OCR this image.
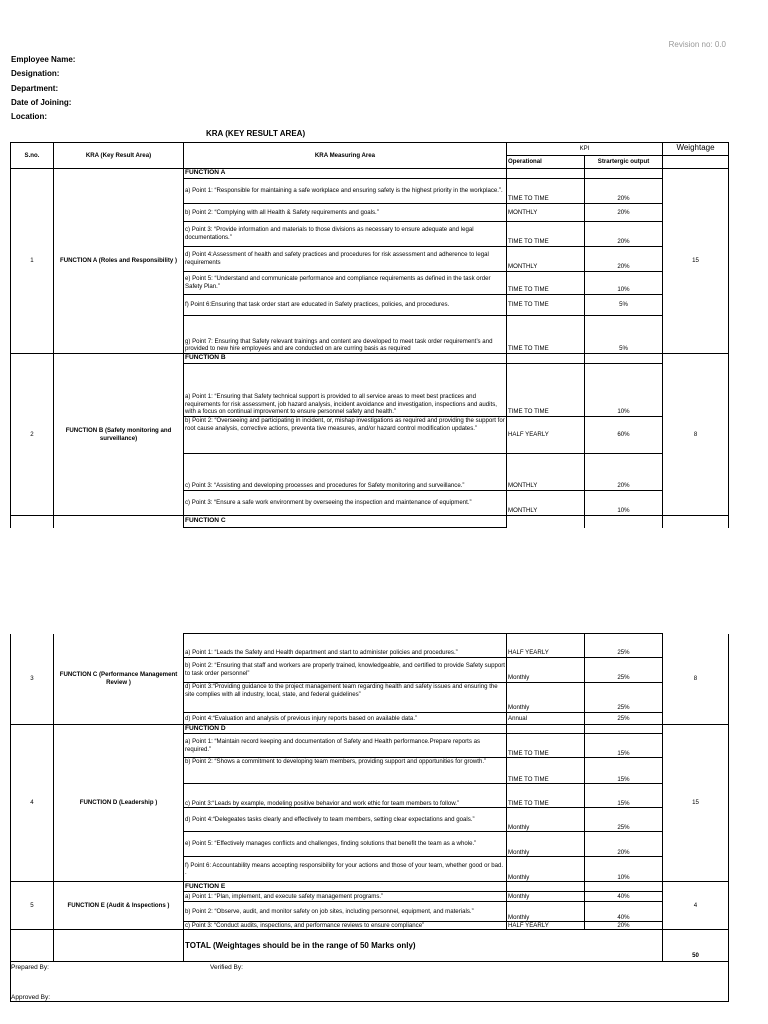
Revision no: 0.0
Employee Name:
Designation:
Department:
Date of Joining:
Location:
KRA (KEY RESULT AREA)
S.no.	KRA (Key Result Area)	KRA Measuring Area	KPI		Weightage
			Operational	Strartergic output	
1	FUNCTION A (Roles and Responsibility )	FUNCTION A			15
		a) Point 1: “Responsible for maintaining a safe workplace and ensuring safety is the highest priority in the workplace.”.	TIME TO TIME	20%	
		b) Point 2: “Complying with all Health & Safety requirements and goals.”	MONTHLY	20%	
		c) Point 3: “Provide information and materials to those divisions as necessary to ensure adequate and legal documentations.”	TIME TO TIME	20%	
		d) Point 4:Assessment of health and safety practices and procedures for risk assessment and adherence to legal requirements	MONTHLY	20%	
		e) Point 5: “Understand and communicate performance and compliance requirements as defined in the task order Safety Plan.”	TIME TO TIME	10%	
		f) Point 6:Ensuring that task order start are educated in Safety practices, policies, and procedures.	TIME TO TIME	5%	
		g) Point 7: Ensuring that Safety relevant trainings and content are developed to meet task order requirement’s and provided to new hire employees and are conducted on are curring basis as required	TIME TO TIME	5%	
2	FUNCTION B (Safety monitoring and surveillance)	FUNCTION B			8
		a) Point 1: “Ensuring that Safety technical support is provided to all service areas to meet best practices and requirements for risk assessment, job hazard analysis, incident avoidance and investigation, inspections and audits, with a focus on continual improvement to ensure personnel safety and health.”	TIME TO TIME	10%	
		b) Point 2: “Overseeing and participating in incident, or, mishap investigations as required and providing the support for root cause analysis, corrective actions, preventa tive measures, and/or hazard control modification updates.”	HALF YEARLY	60%	
		c) Point 3: “Assisting and developing processes and procedures for Safety monitoring and surveillance.”	MONTHLY	20%	
		c) Point 3: “Ensure a safe work environment by overseeing the inspection and maintenance of equipment.”	MONTHLY	10%	
		FUNCTION C			
3	FUNCTION C (Performance Management Review )	a) Point 1: “Leads the Safety and Health department and start to administer policies and procedures.”	HALF YEARLY	25%	8
		b) Point 2: “Ensuring that staff and workers are properly trained, knowledgeable, and certified to provide Safety support to task order personnel”	Monthly	25%	
		d) Point 3:“Providing guidance to the project management team regarding health and safety issues and ensuring the site complies with all industry, local, state, and federal guidelines”	Monthly	25%	
		d) Point 4:“Evaluation and analysis of previous injury reports based on available data.”	Annual	25%	
4	FUNCTION D (Leadership )	FUNCTION D			15
		a) Point 1: “Maintain record keeping and documentation of Safety and Health performance.Prepare reports as required.”	TIME TO TIME	15%	
		b) Point 2: “Shows a commitment to developing team members, providing support and opportunities for growth.”	TIME TO TIME	15%	
		c) Point 3:“Leads by example, modeling positive behavior and work ethic for team members to follow.”	TIME TO TIME	15%	
		d) Point 4:“Delegeates tasks clearly and effectively to team members, setting clear expectations and goals.”	Monthly	25%	
		e) Point 5: “Effectively manages conflicts and challenges, finding solutions that benefit the team as a whole.”	Monthly	20%	
		f) Point 6: Accountability means accepting responsibility for your actions and those of your team, whether good or bad. .	Monthly	10%	
5	FUNCTION E (Audit & Inspections )	FUNCTION E			4
		a) Point 1: “Plan, implement, and execute safety management programs.”	Monthly	40%	
		b) Point 2: “Observe, audit, and monitor safety on job sites, including personnel, equipment, and materials.”	Monthly	40%	
		c) Point 3: “Conduct audits, inspections, and performance reviews to ensure compliance”	HALF YEARLY	20%	
		TOTAL (Weightages should be in the range of 50 Marks only)			50

Prepared By: Verified By:
Approved By:					
